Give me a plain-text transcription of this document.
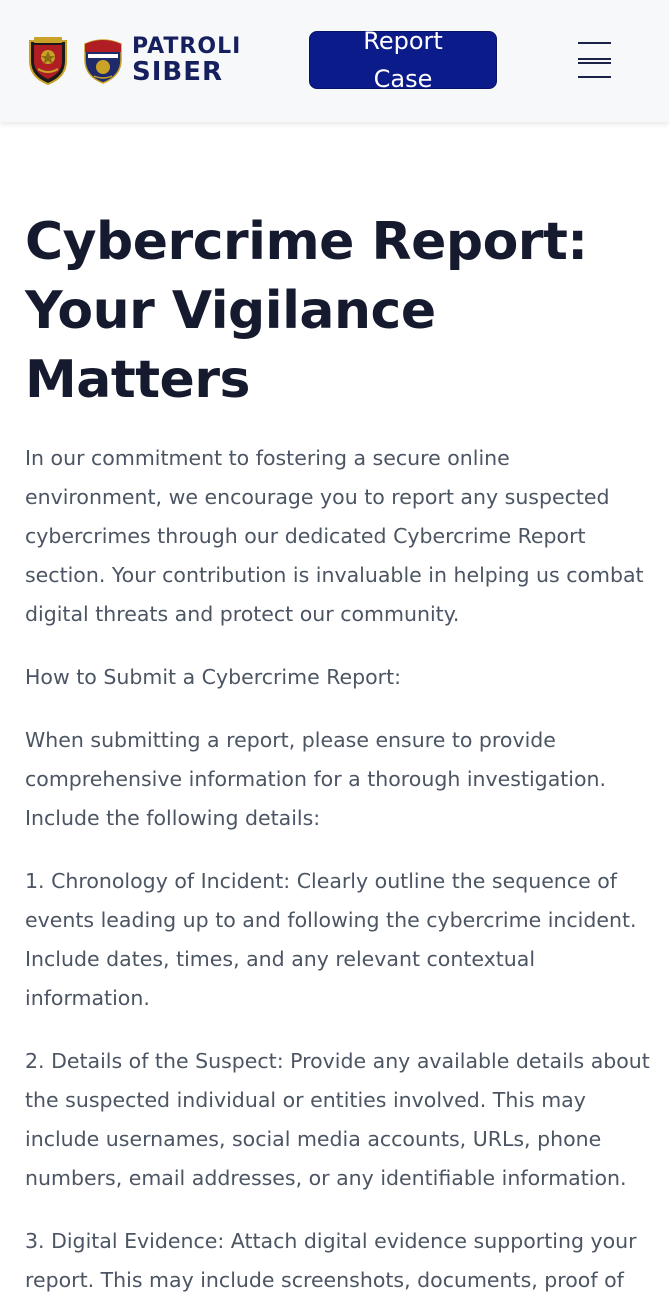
PATROLI
SIBER
Report Case
Cybercrime Report: Your Vigilance Matters

In our commitment to fostering a secure online environment, we encourage you to report any suspected cybercrimes through our dedicated Cybercrime Report section. Your contribution is invaluable in helping us combat digital threats and protect our community.

How to Submit a Cybercrime Report:

When submitting a report, please ensure to provide comprehensive information for a thorough investigation. Include the following details:

1. Chronology of Incident: Clearly outline the sequence of events leading up to and following the cybercrime incident. Include dates, times, and any relevant contextual information.

2. Details of the Suspect: Provide any available details about the suspected individual or entities involved. This may include usernames, social media accounts, URLs, phone numbers, email addresses, or any identifiable information.

3. Digital Evidence: Attach digital evidence supporting your report. This may include screenshots, documents, proof of
